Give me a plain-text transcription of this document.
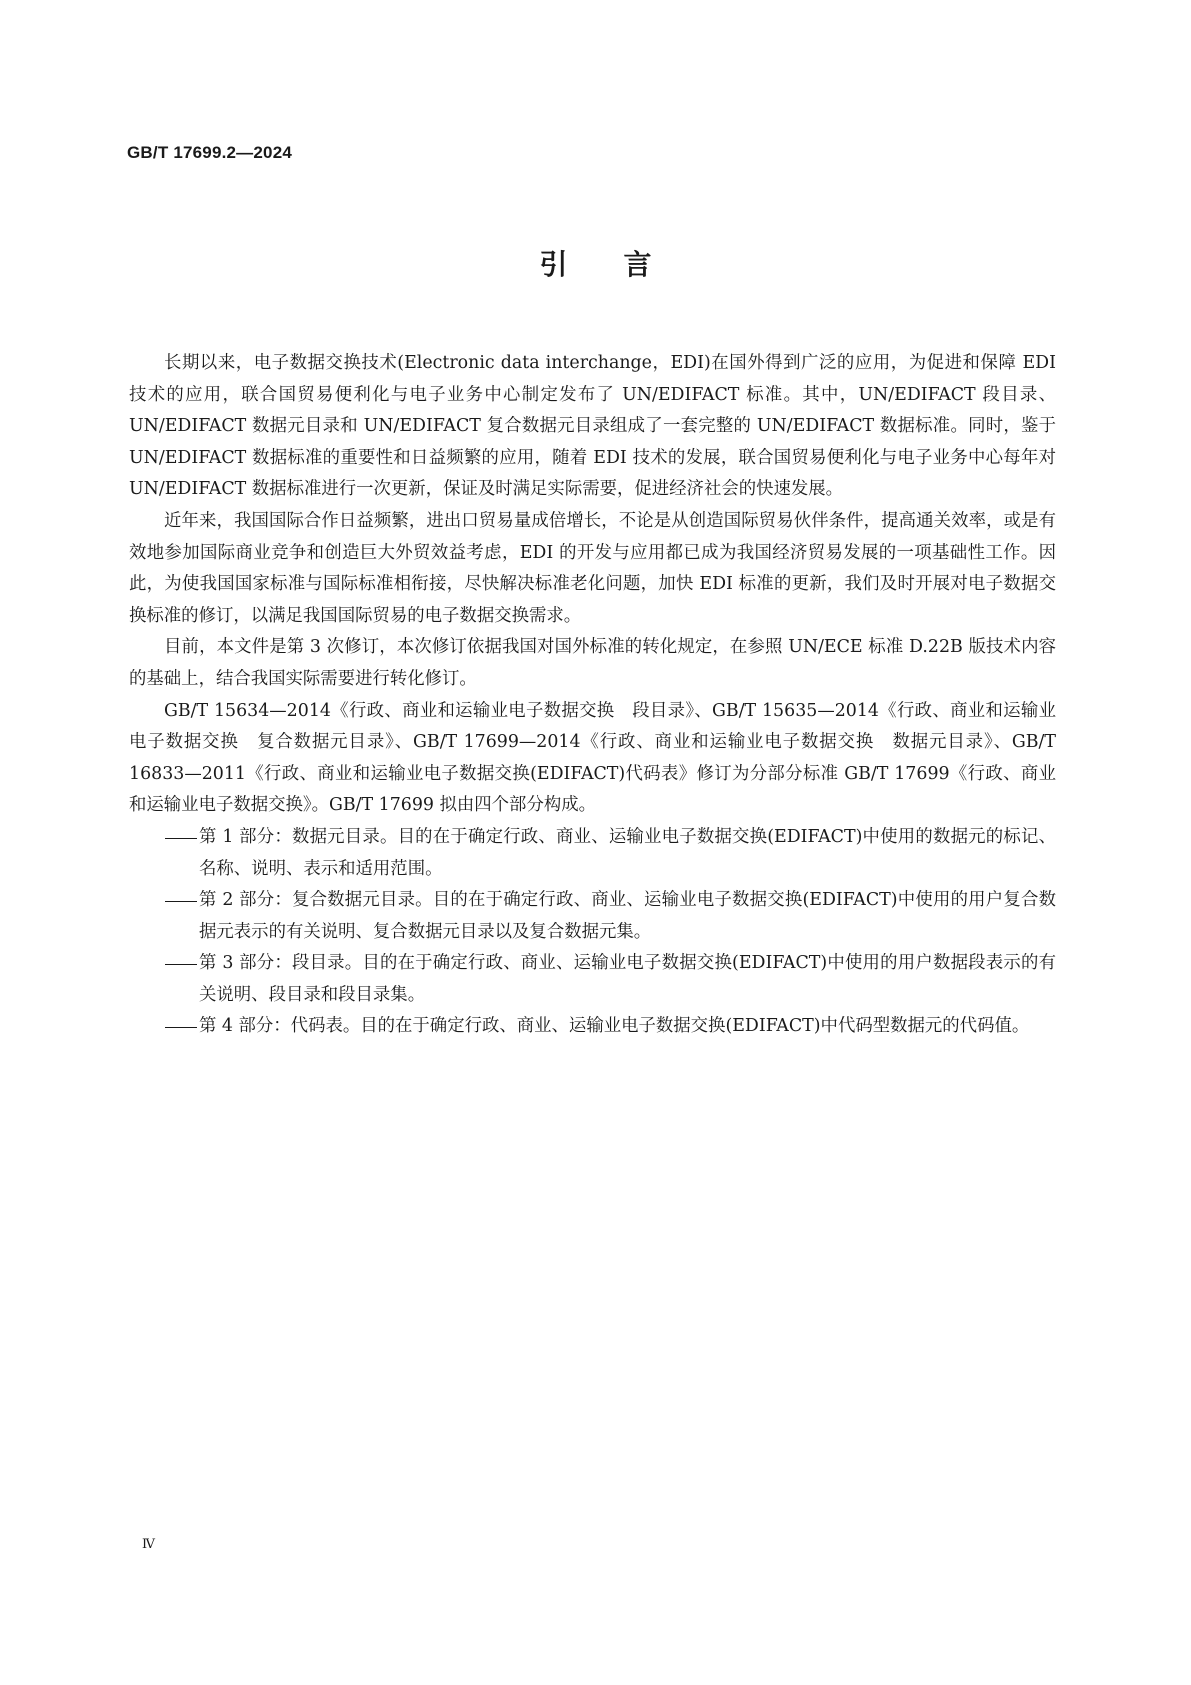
GB/T 17699.2—2024
引言

长期以来，电子数据交换技术(Electronic data interchange，EDI)在国外得到广泛的应用，为促进和保障 EDI 技术的应用，联合国贸易便利化与电子业务中心制定发布了 UN/EDIFACT 标准。其中，UN/EDIFACT 段目录、UN/EDIFACT 数据元目录和 UN/EDIFACT 复合数据元目录组成了一套完整的 UN/EDIFACT 数据标准。同时，鉴于 UN/EDIFACT 数据标准的重要性和日益频繁的应用，随着 EDI 技术的发展，联合国贸易便利化与电子业务中心每年对 UN/EDIFACT 数据标准进行一次更新，保证及时满足实际需要，促进经济社会的快速发展。

近年来，我国国际合作日益频繁，进出口贸易量成倍增长，不论是从创造国际贸易伙伴条件，提高通关效率，或是有效地参加国际商业竞争和创造巨大外贸效益考虑，EDI 的开发与应用都已成为我国经济贸易发展的一项基础性工作。因此，为使我国国家标准与国际标准相衔接，尽快解决标准老化问题，加快 EDI 标准的更新，我们及时开展对电子数据交换标准的修订，以满足我国国际贸易的电子数据交换需求。

目前，本文件是第 3 次修订，本次修订依据我国对国外标准的转化规定，在参照 UN/ECE 标准 D.22B 版技术内容的基础上，结合我国实际需要进行转化修订。

GB/T 15634—2014《行政、商业和运输业电子数据交换　段目录》、GB/T 15635—2014《行政、商业和运输业电子数据交换　复合数据元目录》、GB/T 17699—2014《行政、商业和运输业电子数据交换　数据元目录》、GB/T 16833—2011《行政、商业和运输业电子数据交换(EDIFACT)代码表》修订为分部分标准 GB/T 17699《行政、商业和运输业电子数据交换》。GB/T 17699 拟由四个部分构成。

第 1 部分：数据元目录。目的在于确定行政、商业、运输业电子数据交换(EDIFACT)中使用的数据元的标记、名称、说明、表示和适用范围。
第 2 部分：复合数据元目录。目的在于确定行政、商业、运输业电子数据交换(EDIFACT)中使用的用户复合数据元表示的有关说明、复合数据元目录以及复合数据元集。
第 3 部分：段目录。目的在于确定行政、商业、运输业电子数据交换(EDIFACT)中使用的用户数据段表示的有关说明、段目录和段目录集。
第 4 部分：代码表。目的在于确定行政、商业、运输业电子数据交换(EDIFACT)中代码型数据元的代码值。
Ⅳ
